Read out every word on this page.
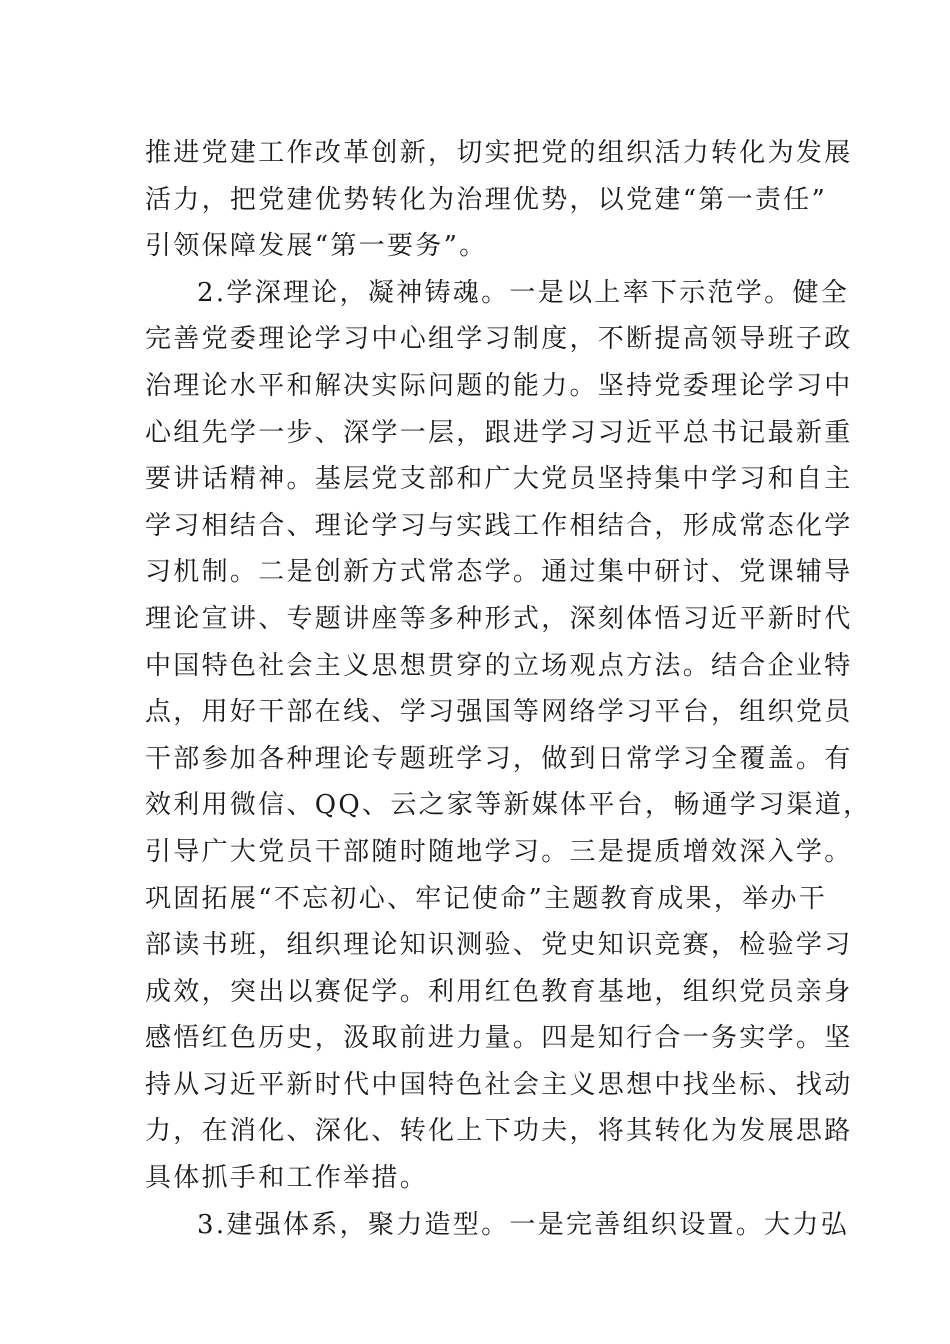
推进党建工作改革创新，切实把党的组织活力转化为发展
活力，把党建优势转化为治理优势，以党建“第一责任”
引领保障发展“第一要务”。
2.学深理论，凝神铸魂。一是以上率下示范学。健全
完善党委理论学习中心组学习制度，不断提高领导班子政
治理论水平和解决实际问题的能力。坚持党委理论学习中
心组先学一步、深学一层，跟进学习习近平总书记最新重
要讲话精神。基层党支部和广大党员坚持集中学习和自主
学习相结合、理论学习与实践工作相结合，形成常态化学
习机制。二是创新方式常态学。通过集中研讨、党课辅导
理论宣讲、专题讲座等多种形式，深刻体悟习近平新时代
中国特色社会主义思想贯穿的立场观点方法。结合企业特
点，用好干部在线、学习强国等网络学习平台，组织党员
干部参加各种理论专题班学习，做到日常学习全覆盖。有
效利用微信、QQ、云之家等新媒体平台，畅通学习渠道，
引导广大党员干部随时随地学习。三是提质增效深入学。
巩固拓展“不忘初心、牢记使命”主题教育成果，举办干
部读书班，组织理论知识测验、党史知识竞赛，检验学习
成效，突出以赛促学。利用红色教育基地，组织党员亲身
感悟红色历史，汲取前进力量。四是知行合一务实学。坚
持从习近平新时代中国特色社会主义思想中找坐标、找动
力，在消化、深化、转化上下功夫，将其转化为发展思路
具体抓手和工作举措。
3.建强体系，聚力造型。一是完善组织设置。大力弘
